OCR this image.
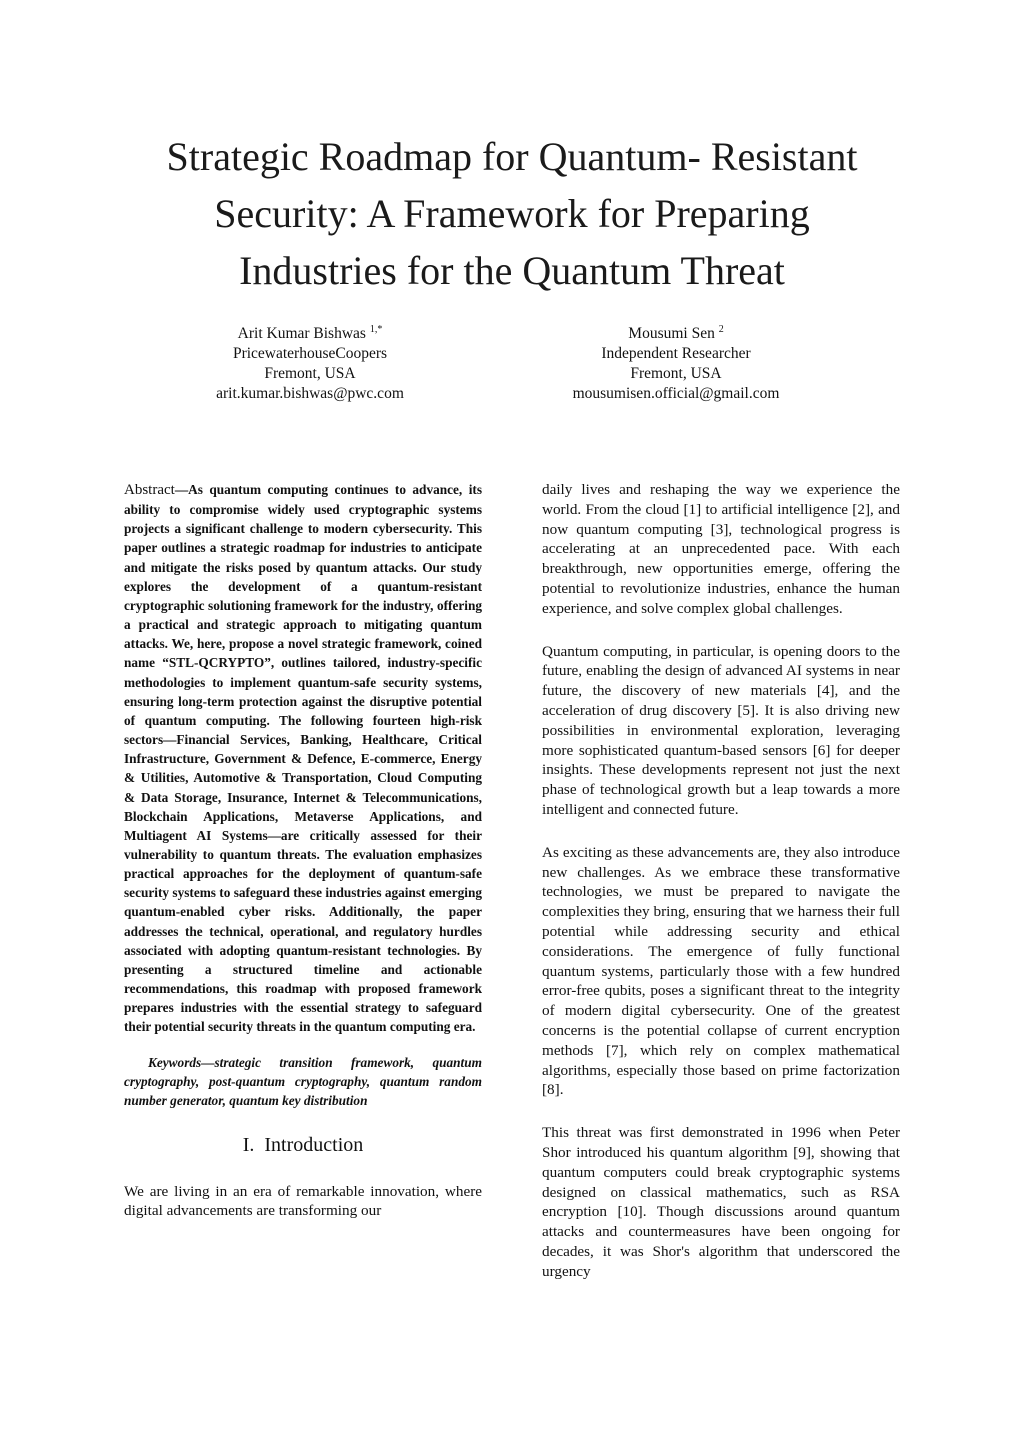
Strategic Roadmap for Quantum- Resistant
Security: A Framework for Preparing
Industries for the Quantum Threat
Arit Kumar Bishwas $^{1,*}$
PricewaterhouseCoopers
Fremont, USA
arit.kumar.bishwas@pwc.com
Mousumi Sen $^2$
Independent Researcher
Fremont, USA
mousumisen.official@gmail.com

Abstract—As quantum computing continues to advance, its ability to compromise widely used cryptographic systems projects a significant challenge to modern cybersecurity. This paper outlines a strategic roadmap for industries to anticipate and mitigate the risks posed by quantum attacks. Our study explores the development of a quantum-resistant cryptographic solutioning framework for the industry, offering a practical and strategic approach to mitigating quantum attacks. We, here, propose a novel strategic framework, coined name “STL-QCRYPTO”, outlines tailored, industry-specific methodologies to implement quantum-safe security systems, ensuring long-term protection against the disruptive potential of quantum computing. The following fourteen high-risk sectors—Financial Services, Banking, Healthcare, Critical Infrastructure, Government & Defence, E-commerce, Energy & Utilities, Automotive & Transportation, Cloud Computing & Data Storage, Insurance, Internet & Telecommunications, Blockchain Applications, Metaverse Applications, and Multiagent AI Systems—are critically assessed for their vulnerability to quantum threats. The evaluation emphasizes practical approaches for the deployment of quantum-safe security systems to safeguard these industries against emerging quantum-enabled cyber risks. Additionally, the paper addresses the technical, operational, and regulatory hurdles associated with adopting quantum-resistant technologies. By presenting a structured timeline and actionable recommendations, this roadmap with proposed framework prepares industries with the essential strategy to safeguard their potential security threats in the quantum computing era.

Keywords—strategic transition framework, quantum cryptography, post-quantum cryptography, quantum random number generator, quantum key distribution

I. Introduction

We are living in an era of remarkable innovation, where digital advancements are transforming our

daily lives and reshaping the way we experience the world. From the cloud [1] to artificial intelligence [2], and now quantum computing [3], technological progress is accelerating at an unprecedented pace. With each breakthrough, new opportunities emerge, offering the potential to revolutionize industries, enhance the human experience, and solve complex global challenges.

Quantum computing, in particular, is opening doors to the future, enabling the design of advanced AI systems in near future, the discovery of new materials [4], and the acceleration of drug discovery [5]. It is also driving new possibilities in environmental exploration, leveraging more sophisticated quantum-based sensors [6] for deeper insights. These developments represent not just the next phase of technological growth but a leap towards a more intelligent and connected future.

As exciting as these advancements are, they also introduce new challenges. As we embrace these transformative technologies, we must be prepared to navigate the complexities they bring, ensuring that we harness their full potential while addressing security and ethical considerations. The emergence of fully functional quantum systems, particularly those with a few hundred error-free qubits, poses a significant threat to the integrity of modern digital cybersecurity. One of the greatest concerns is the potential collapse of current encryption methods [7], which rely on complex mathematical algorithms, especially those based on prime factorization [8].

This threat was first demonstrated in 1996 when Peter Shor introduced his quantum algorithm [9], showing that quantum computers could break cryptographic systems designed on classical mathematics, such as RSA encryption [10]. Though discussions around quantum attacks and countermeasures have been ongoing for decades, it was Shor's algorithm that underscored the urgency
